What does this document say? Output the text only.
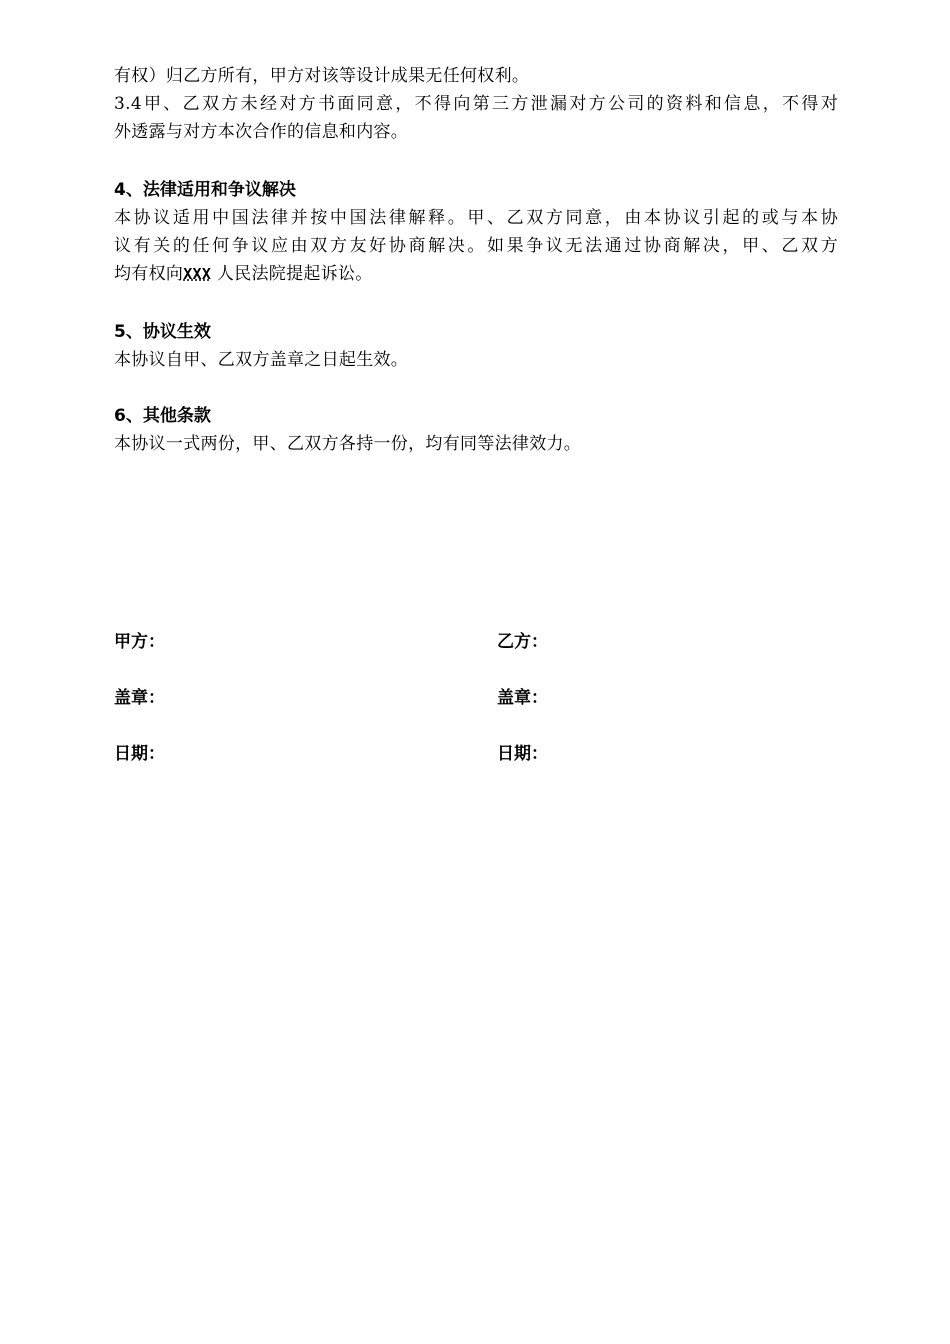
有权）归乙方所有，甲方对该等设计成果无任何权利。
3.4甲、乙双方未经对方书面同意，不得向第三方泄漏对方公司的资料和信息，不得对
外透露与对方本次合作的信息和内容。
4、法律适用和争议解决
本协议适用中国法律并按中国法律解释。甲、乙双方同意，由本协议引起的或与本协
议有关的任何争议应由双方友好协商解决。如果争议无法通过协商解决，甲、乙双方
均有权向XXX 人民法院提起诉讼。
5、协议生效
本协议自甲、乙双方盖章之日起生效。
6、其他条款
本协议一式两份，甲、乙双方各持一份，均有同等法律效力。
甲方：	乙方：
盖章：	盖章：
日期：	日期：
